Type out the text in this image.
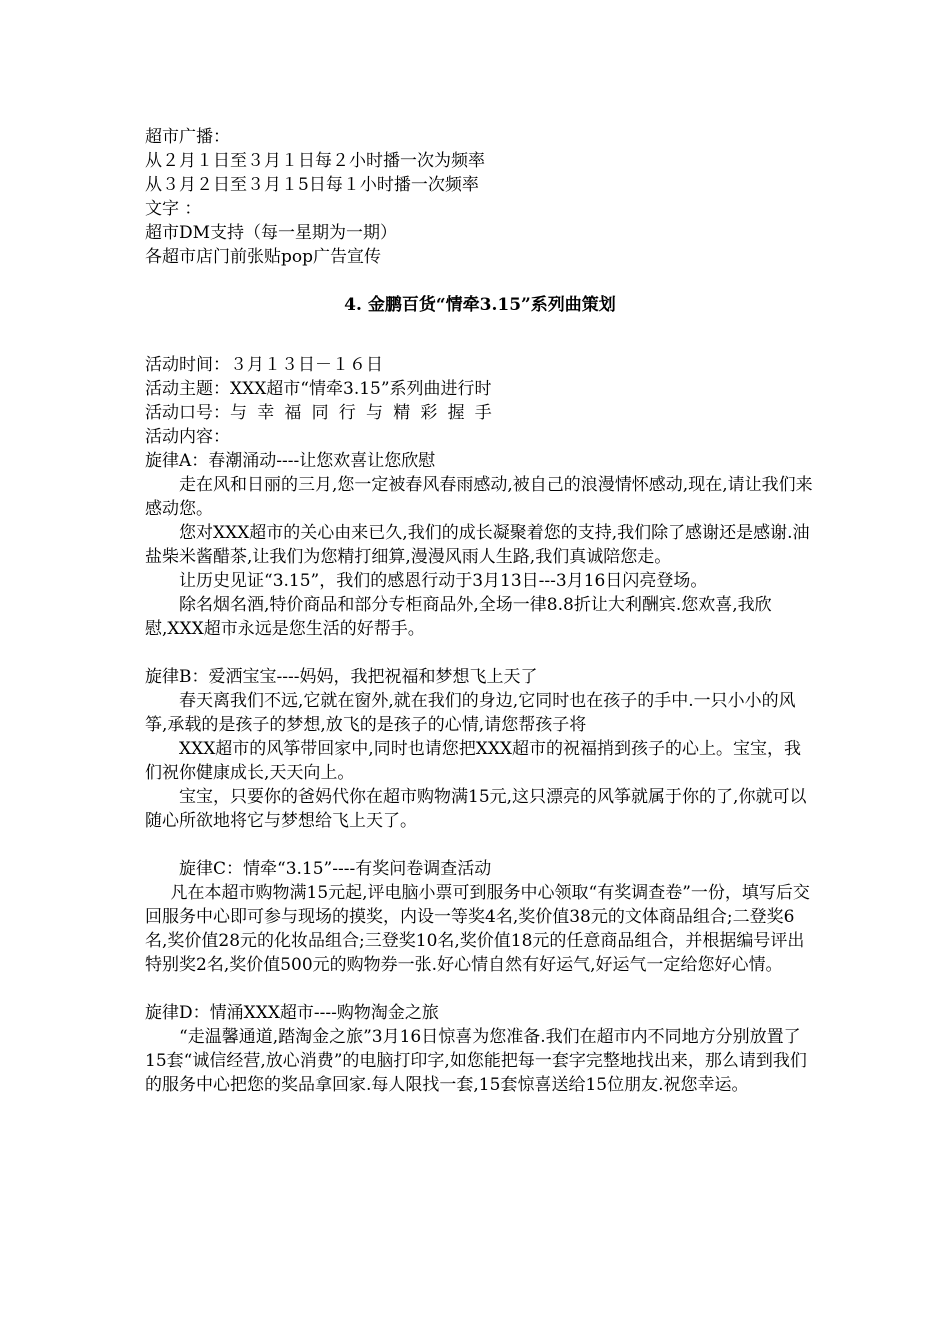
超市广播：
从２月１日至３月１日每２小时播一次为频率
从３月２日至３月１5日每１小时播一次频率
文字 ：
超市DM支持（每一星期为一期）
各超市店门前张贴pop广告宣传
4. 金鹏百货“情牵3.15”系列曲策划
活动时间：３月１３日－１６日
活动主题：XXX超市“情牵3.15”系列曲进行时
活动口号：与幸福同行与精彩握手
活动内容：
旋律A：春潮涌动----让您欢喜让您欣慰

走在风和日丽的三月,您一定被春风春雨感动,被自己的浪漫情怀感动,现在,请让我们来感动您。

您对XXX超市的关心由来已久,我们的成长凝聚着您的支持,我们除了感谢还是感谢.油盐柴米酱醋茶,让我们为您精打细算,漫漫风雨人生路,我们真诚陪您走。

让历史见证“3.15”，我们的感恩行动于3月13日---3月16日闪亮登场。

除名烟名酒,特价商品和部分专柜商品外,全场一律8.8折让大利酬宾.您欢喜,我欣慰,XXX超市永远是您生活的好帮手。

旋律B：爱洒宝宝----妈妈，我把祝福和梦想飞上天了

春天离我们不远,它就在窗外,就在我们的身边,它同时也在孩子的手中.一只小小的风筝,承载的是孩子的梦想,放飞的是孩子的心情,请您帮孩子将

XXX超市的风筝带回家中,同时也请您把XXX超市的祝福捎到孩子的心上。宝宝，我们祝你健康成长,天天向上。

宝宝，只要你的爸妈代你在超市购物满15元,这只漂亮的风筝就属于你的了,你就可以随心所欲地将它与梦想给飞上天了。

旋律C：情牵“3.15”----有奖问卷调查活动

凡在本超市购物满15元起,评电脑小票可到服务中心领取“有奖调查卷”一份，填写后交回服务中心即可参与现场的摸奖，内设一等奖4名,奖价值38元的文体商品组合;二登奖6名,奖价值28元的化妆品组合;三登奖10名,奖价值18元的任意商品组合，并根据编号评出特别奖2名,奖价值500元的购物券一张.好心情自然有好运气,好运气一定给您好心情。

旋律D：情涌XXX超市----购物淘金之旅

“走温馨通道,踏淘金之旅”3月16日惊喜为您准备.我们在超市内不同地方分别放置了15套“诚信经营,放心消费”的电脑打印字,如您能把每一套字完整地找出来，那么请到我们的服务中心把您的奖品拿回家.每人限找一套,15套惊喜送给15位朋友.祝您幸运。
